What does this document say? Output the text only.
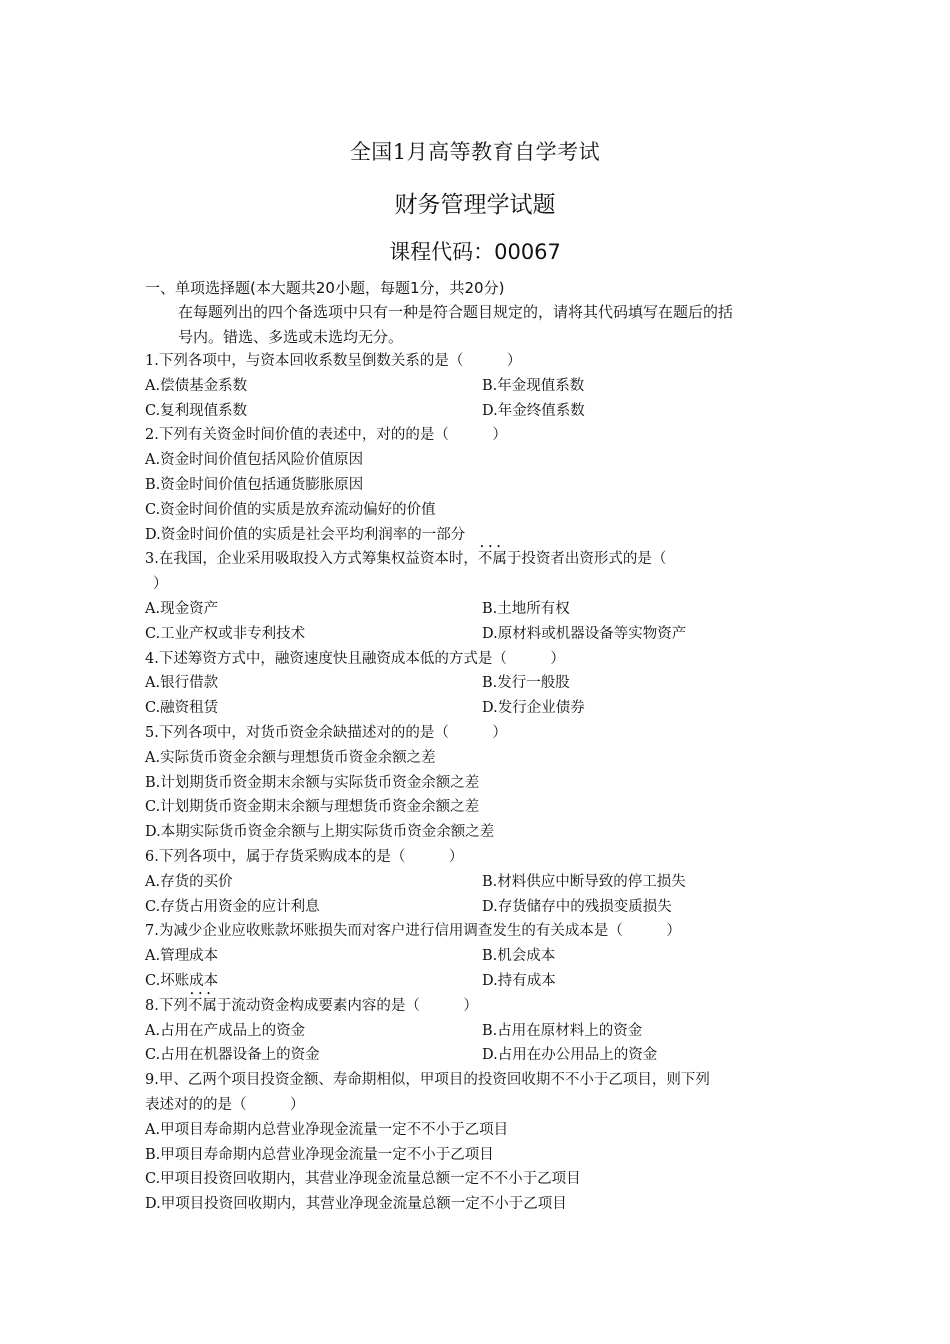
全国1月高等教育自学考试
财务管理学试题
课程代码：00067
一、单项选择题(本大题共20小题，每题1分，共20分)
在每题列出的四个备选项中只有一种是符合题目规定的，请将其代码填写在题后的括
号内。错选、多选或未选均无分。
1.下列各项中，与资本回收系数呈倒数关系的是（　　　）
A.偿债基金系数	B.年金现值系数
C.复利现值系数	D.年金终值系数
2.下列有关资金时间价值的表述中，对的的是（　　　）
A.资金时间价值包括风险价值原因
B.资金时间价值包括通货膨胀原因
C.资金时间价值的实质是放弃流动偏好的价值
D.资金时间价值的实质是社会平均利润率的一部分
3.在我国，企业采用吸取投入方式筹集权益资本时，• • • 不属于投资者出资形式的是（
）
A.现金资产	B.土地所有权
C.工业产权或非专利技术	D.原材料或机器设备等实物资产
4.下述筹资方式中，融资速度快且融资成本低的方式是（　　　）
A.银行借款	B.发行一般股
C.融资租赁	D.发行企业债券
5.下列各项中，对货币资金余缺描述对的的是（　　　）
A.实际货币资金余额与理想货币资金余额之差
B.计划期货币资金期末余额与实际货币资金余额之差
C.计划期货币资金期末余额与理想货币资金余额之差
D.本期实际货币资金余额与上期实际货币资金余额之差
6.下列各项中，属于存货采购成本的是（　　　）
A.存货的买价	B.材料供应中断导致的停工损失
C.存货占用资金的应计利息	D.存货储存中的残损变质损失
7.为减少企业应收账款坏账损失而对客户进行信用调查发生的有关成本是（　　　）
A.管理成本	B.机会成本
C.坏账成本	D.持有成本
8.下列• • • 不属于流动资金构成要素内容的是（　　　）
A.占用在产成品上的资金	B.占用在原材料上的资金
C.占用在机器设备上的资金	D.占用在办公用品上的资金
9.甲、乙两个项目投资金额、寿命期相似，甲项目的投资回收期不不小于乙项目，则下列
表述对的的是（　　　）
A.甲项目寿命期内总营业净现金流量一定不不小于乙项目
B.甲项目寿命期内总营业净现金流量一定不小于乙项目
C.甲项目投资回收期内，其营业净现金流量总额一定不不小于乙项目
D.甲项目投资回收期内，其营业净现金流量总额一定不小于乙项目
